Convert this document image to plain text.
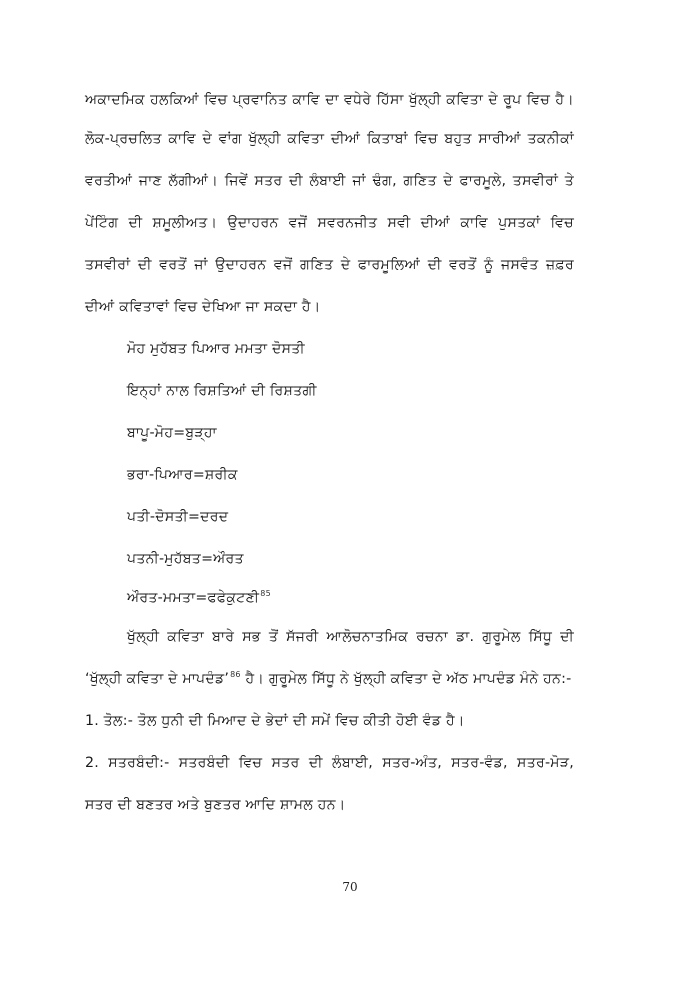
ਅਕਾਦਮਿਕ ਹਲਕਿਆਂ ਵਿਚ ਪ੍ਰਵਾਨਿਤ ਕਾਵਿ ਦਾ ਵਧੇਰੇ ਹਿੱਸਾ ਖੁੱਲ੍ਹੀ ਕਵਿਤਾ ਦੇ ਰੂਪ ਵਿਚ ਹੈ।
ਲੋਕ-ਪ੍ਰਚਲਿਤ ਕਾਵਿ ਦੇ ਵਾਂਗ ਖੁੱਲ੍ਹੀ ਕਵਿਤਾ ਦੀਆਂ ਕਿਤਾਬਾਂ ਵਿਚ ਬਹੁਤ ਸਾਰੀਆਂ ਤਕਨੀਕਾਂ
ਵਰਤੀਆਂ ਜਾਣ ਲੱਗੀਆਂ। ਜਿਵੇਂ ਸਤਰ ਦੀ ਲੰਬਾਈ ਜਾਂ ਢੰਗ, ਗਣਿਤ ਦੇ ਫਾਰਮੂਲੇ, ਤਸਵੀਰਾਂ ਤੇ
ਪੇਂਟਿੰਗ ਦੀ ਸ਼ਮੂਲੀਅਤ। ਉਦਾਹਰਨ ਵਜੋਂ ਸਵਰਨਜੀਤ ਸਵੀ ਦੀਆਂ ਕਾਵਿ ਪੁਸਤਕਾਂ ਵਿਚ
ਤਸਵੀਰਾਂ ਦੀ ਵਰਤੋਂ ਜਾਂ ਉਦਾਹਰਨ ਵਜੋਂ ਗਣਿਤ ਦੇ ਫਾਰਮੂਲਿਆਂ ਦੀ ਵਰਤੋਂ ਨੂੰ ਜਸਵੰਤ ਜ਼ਫ਼ਰ
ਦੀਆਂ ਕਵਿਤਾਵਾਂ ਵਿਚ ਦੇਖਿਆ ਜਾ ਸਕਦਾ ਹੈ।
ਮੋਹ ਮੁਹੱਬਤ ਪਿਆਰ ਮਮਤਾ ਦੋਸਤੀ
ਇਨ੍ਹਾਂ ਨਾਲ ਰਿਸ਼ਤਿਆਂ ਦੀ ਰਿਸ਼ਤਗੀ
ਬਾਪੂ-ਮੋਹ=ਬੁੜ੍ਹਾ
ਭਰਾ-ਪਿਆਰ=ਸ਼ਰੀਕ
ਪਤੀ-ਦੋਸਤੀ=ਦਰਦ
ਪਤਨੀ-ਮੁਹੱਬਤ=ਔਰਤ
ਔਰਤ-ਮਮਤਾ=ਫਫੇਕੁਟਣੀ$^{85}$
ਖੁੱਲ੍ਹੀ ਕਵਿਤਾ ਬਾਰੇ ਸਭ ਤੋਂ ਸੱਜਰੀ ਆਲੋਚਨਾਤਮਿਕ ਰਚਨਾ ਡਾ. ਗੁਰੂਮੇਲ ਸਿੱਧੂ ਦੀ
‘ਖੁੱਲ੍ਹੀ ਕਵਿਤਾ ਦੇ ਮਾਪਦੰਡ’$^{86}$ ਹੈ। ਗੁਰੂਮੇਲ ਸਿੱਧੂ ਨੇ ਖੁੱਲ੍ਹੀ ਕਵਿਤਾ ਦੇ ਅੱਠ ਮਾਪਦੰਡ ਮੰਨੇ ਹਨ:-
1. ਤੋਲ:- ਤੋਲ ਧੁਨੀ ਦੀ ਮਿਆਦ ਦੇ ਭੇਦਾਂ ਦੀ ਸਮੇਂ ਵਿਚ ਕੀਤੀ ਹੋਈ ਵੰਡ ਹੈ।
2. ਸਤਰਬੰਦੀ:- ਸਤਰਬੰਦੀ ਵਿਚ ਸਤਰ ਦੀ ਲੰਬਾਈ, ਸਤਰ-ਅੰਤ, ਸਤਰ-ਵੰਡ, ਸਤਰ-ਮੋੜ,
ਸਤਰ ਦੀ ਬਣਤਰ ਅਤੇ ਬੁਣਤਰ ਆਦਿ ਸ਼ਾਮਲ ਹਨ।
70
